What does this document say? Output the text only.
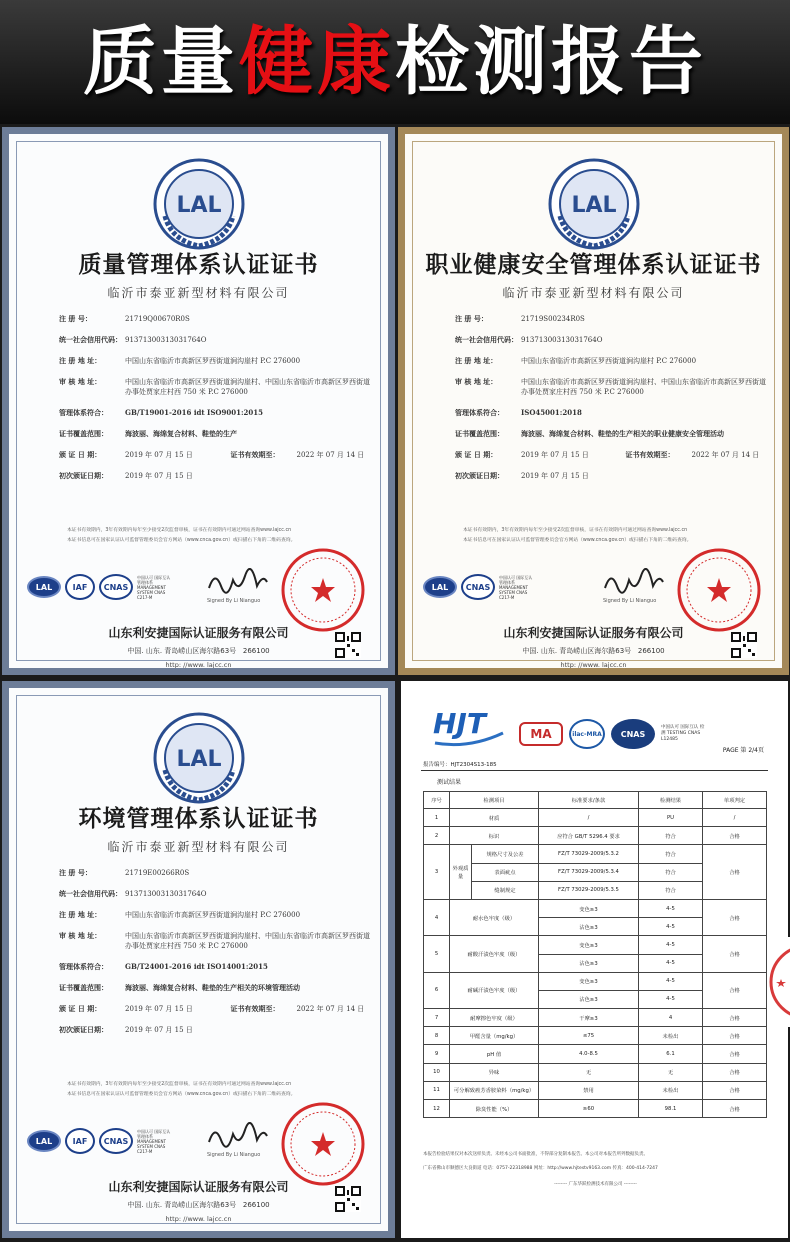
质量健康检测报告
LAL
质量管理体系认证证书
临沂市泰亚新型材料有限公司
注 册 号：	21719Q00670R0S
统一社会信用代码： 91371300313031764O
注 册 地 址：	中国山东省临沂市高新区罗西街道涧沟崖村 P.C 276000
审 核 地 址：	中国山东省临沂市高新区罗西街道涧沟崖村、中国山东省临沂市高新区罗西街道办事处贾家庄村西 750 米 P.C 276000
管理体系符合：	GB/T19001-2016 idt ISO9001:2015
证书覆盖范围：	海波丽、海绵复合材料、鞋垫的生产
颁 证 日 期：	2019 年 07 月 15 日	证书有效期至：	2022 年 07 月 14 日
初次颁证日期：	2019 年 07 月 15 日
本证书有效期内，3年有效期内每年至少接受2次监督审核，证书在有效期内可通过网站查询www.lajcc.cn
本证书信息可在国家认证认可监督管理委员会官方网站（www.cnca.gov.cn）或扫描右下角的二维码查询。
LAL	IAF	CNAS
中国认可 国际互认 管理体系 MANAGEMENT SYSTEM CNAS C217-M
Signed By Li Nianguo
山东利安捷国际认证服务有限公司
中国. 山东. 青岛崂山区海尔路63号 266100
http: //www. lajcc.cn
LAL
职业健康安全管理体系认证证书
临沂市泰亚新型材料有限公司
注 册 号：	21719S00234R0S
统一社会信用代码： 91371300313031764O
注 册 地 址：	中国山东省临沂市高新区罗西街道涧沟崖村 P.C 276000
审 核 地 址：	中国山东省临沂市高新区罗西街道涧沟崖村、中国山东省临沂市高新区罗西街道办事处贾家庄村西 750 米 P.C 276000
管理体系符合：	ISO45001:2018
证书覆盖范围：	海波丽、海绵复合材料、鞋垫的生产相关的职业健康安全管理活动
颁 证 日 期：	2019 年 07 月 15 日	证书有效期至：	2022 年 07 月 14 日
初次颁证日期：	2019 年 07 月 15 日
本证书有效期内，3年有效期内每年至少接受2次监督审核，证书在有效期内可通过网站查询www.lajcc.cn
本证书信息可在国家认证认可监督管理委员会官方网站（www.cnca.gov.cn）或扫描右下角的二维码查询。
LAL	CNAS
中国认可 国际互认 管理体系 MANAGEMENT SYSTEM CNAS C217-M
Signed By Li Nianguo
山东利安捷国际认证服务有限公司
中国. 山东. 青岛崂山区海尔路63号 266100
http: //www. lajcc.cn
LAL
环境管理体系认证证书
临沂市泰亚新型材料有限公司
注 册 号：	21719E00266R0S
统一社会信用代码： 91371300313031764O
注 册 地 址：	中国山东省临沂市高新区罗西街道涧沟崖村 P.C 276000
审 核 地 址：	中国山东省临沂市高新区罗西街道涧沟崖村、中国山东省临沂市高新区罗西街道办事处贾家庄村西 750 米 P.C 276000
管理体系符合：	GB/T24001-2016 idt ISO14001:2015
证书覆盖范围：	海波丽、海绵复合材料、鞋垫的生产相关的环境管理活动
颁 证 日 期：	2019 年 07 月 15 日	证书有效期至：	2022 年 07 月 14 日
初次颁证日期：	2019 年 07 月 15 日
本证书有效期内，3年有效期内每年至少接受2次监督审核，证书在有效期内可通过网站查询www.lajcc.cn
本证书信息可在国家认证认可监督管理委员会官方网站（www.cnca.gov.cn）或扫描右下角的二维码查询。
LAL	IAF	CNAS
中国认可 国际互认 管理体系 MANAGEMENT SYSTEM CNAS C217-M
Signed By Li Nianguo
山东利安捷国际认证服务有限公司
中国. 山东. 青岛崂山区海尔路63号 266100
http: //www. lajcc.cn
HJT	MA	ilac-MRA	CNAS
中国认可 国际互认 检测 TESTING CNAS L12485
PAGE 第 2/4页
报告编号：HJT2304S13-185
测试结果
序号	检测项目		标准要求/条款	检测结果	单项判定
1	材质		/	PU	/
2	标识		应符合 GB/T 5296.4 要求	符合	合格
3	外观质量	规格尺寸及公差	FZ/T 73029-2009/5.3.2	符合	合格
		表面疵点	FZ/T 73029-2009/5.3.4	符合	
		缝制规定	FZ/T 73029-2009/5.3.5	符合	
4	耐水色牢度（级）		变色≥3	4-5	合格
			沾色≥3	4-5	
5	耐酸汗渍色牢度（级）		变色≥3	4-5	合格
			沾色≥3	4-5	
6	耐碱汗渍色牢度（级）		变色≥3	4-5	合格
			沾色≥3	4-5	
7	耐摩擦色牢度（级）		干摩≥3	4	合格
8	甲醛含量（mg/kg）		≤75	未检出	合格
9	pH 值		4.0-8.5	6.1	合格
10	异味		无	无	合格
11	可分解致癌芳香胺染料（mg/kg）		禁用	未检出	合格
12	除臭性能（%）		≥60	98.1	合格
本报告检验结果仅对本次送样负责。未经本公司书面批准，不得部分复制本报告。本公司对本报告所列数据负责。
广东省佛山市顺德区大良街道 电话：0757-22318988 网址：http://www.hjtestv9163.com 传真：400-414-7247
-------- 广东华跃检测技术有限公司 --------
